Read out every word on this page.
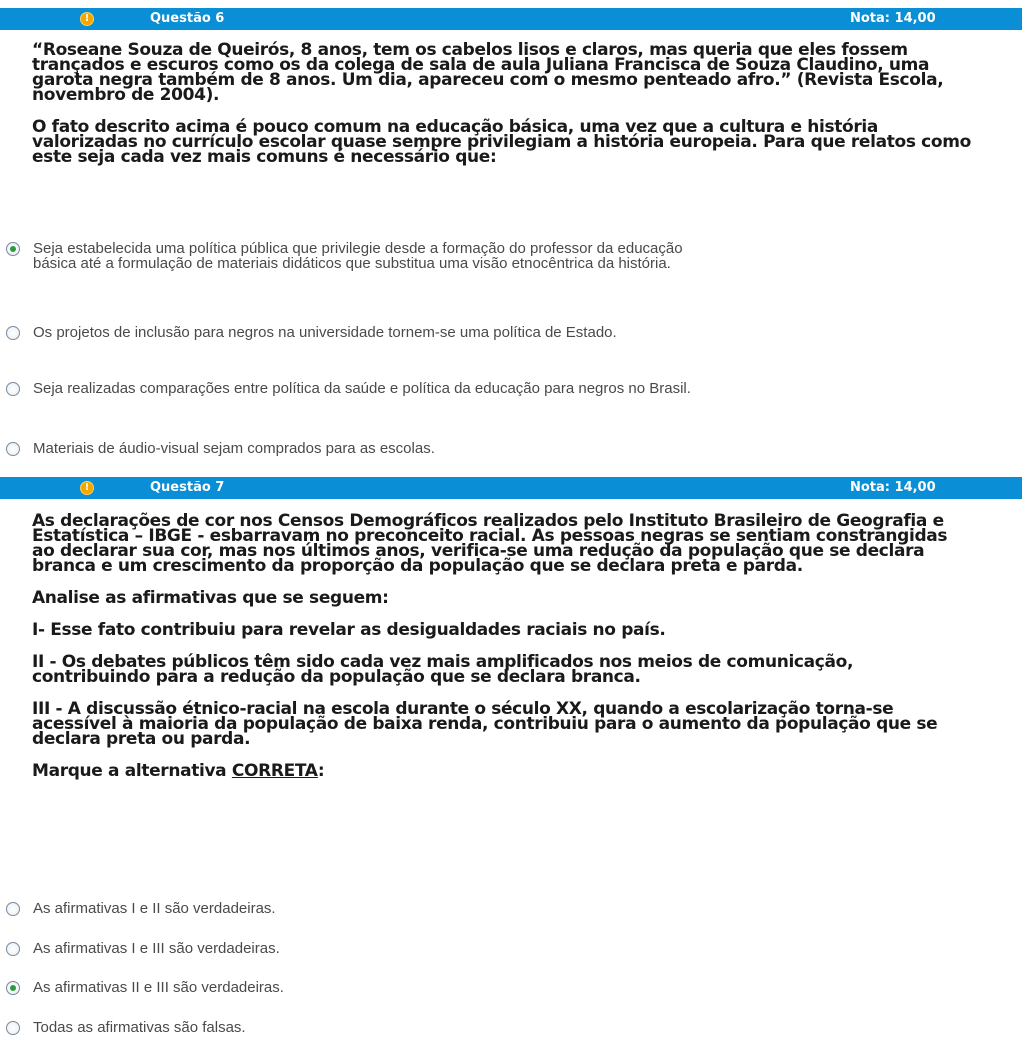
!	Questão 6	Nota: 14,00

“Roseane Souza de Queirós, 8 anos, tem os cabelos lisos e claros, mas queria que eles fossem trançados e escuros como os da colega de sala de aula Juliana Francisca de Souza Claudino, uma garota negra também de 8 anos. Um dia, apareceu com o mesmo penteado afro.” (Revista Escola, novembro de 2004).

O fato descrito acima é pouco comum na educação básica, uma vez que a cultura e história valorizadas no currículo escolar quase sempre privilegiam a história europeia. Para que relatos como este seja cada vez mais comuns é necessário que:

Seja estabelecida uma política pública que privilegie desde a formação do professor da educação básica até a formulação de materiais didáticos que substitua uma visão etnocêntrica da história.
Os projetos de inclusão para negros na universidade tornem-se uma política de Estado.
Seja realizadas comparações entre política da saúde e política da educação para negros no Brasil.
Materiais de áudio-visual sejam comprados para as escolas.
!	Questão 7	Nota: 14,00

As declarações de cor nos Censos Demográficos realizados pelo Instituto Brasileiro de Geografia e Estatística – IBGE - esbarravam no preconceito racial. As pessoas negras se sentiam constrangidas ao declarar sua cor, mas nos últimos anos, verifica-se uma redução da população que se declara branca e um crescimento da proporção da população que se declara preta e parda.

Analise as afirmativas que se seguem:

I- Esse fato contribuiu para revelar as desigualdades raciais no país.

II - Os debates públicos têm sido cada vez mais amplificados nos meios de comunicação, contribuindo para a redução da população que se declara branca.

III - A discussão étnico-racial na escola durante o século XX, quando a escolarização torna-se acessível à maioria da população de baixa renda, contribuiu para o aumento da população que se declara preta ou parda.

Marque a alternativa CORRETA:

As afirmativas I e II são verdadeiras.
As afirmativas I e III são verdadeiras.
As afirmativas II e III são verdadeiras.
Todas as afirmativas são falsas.
